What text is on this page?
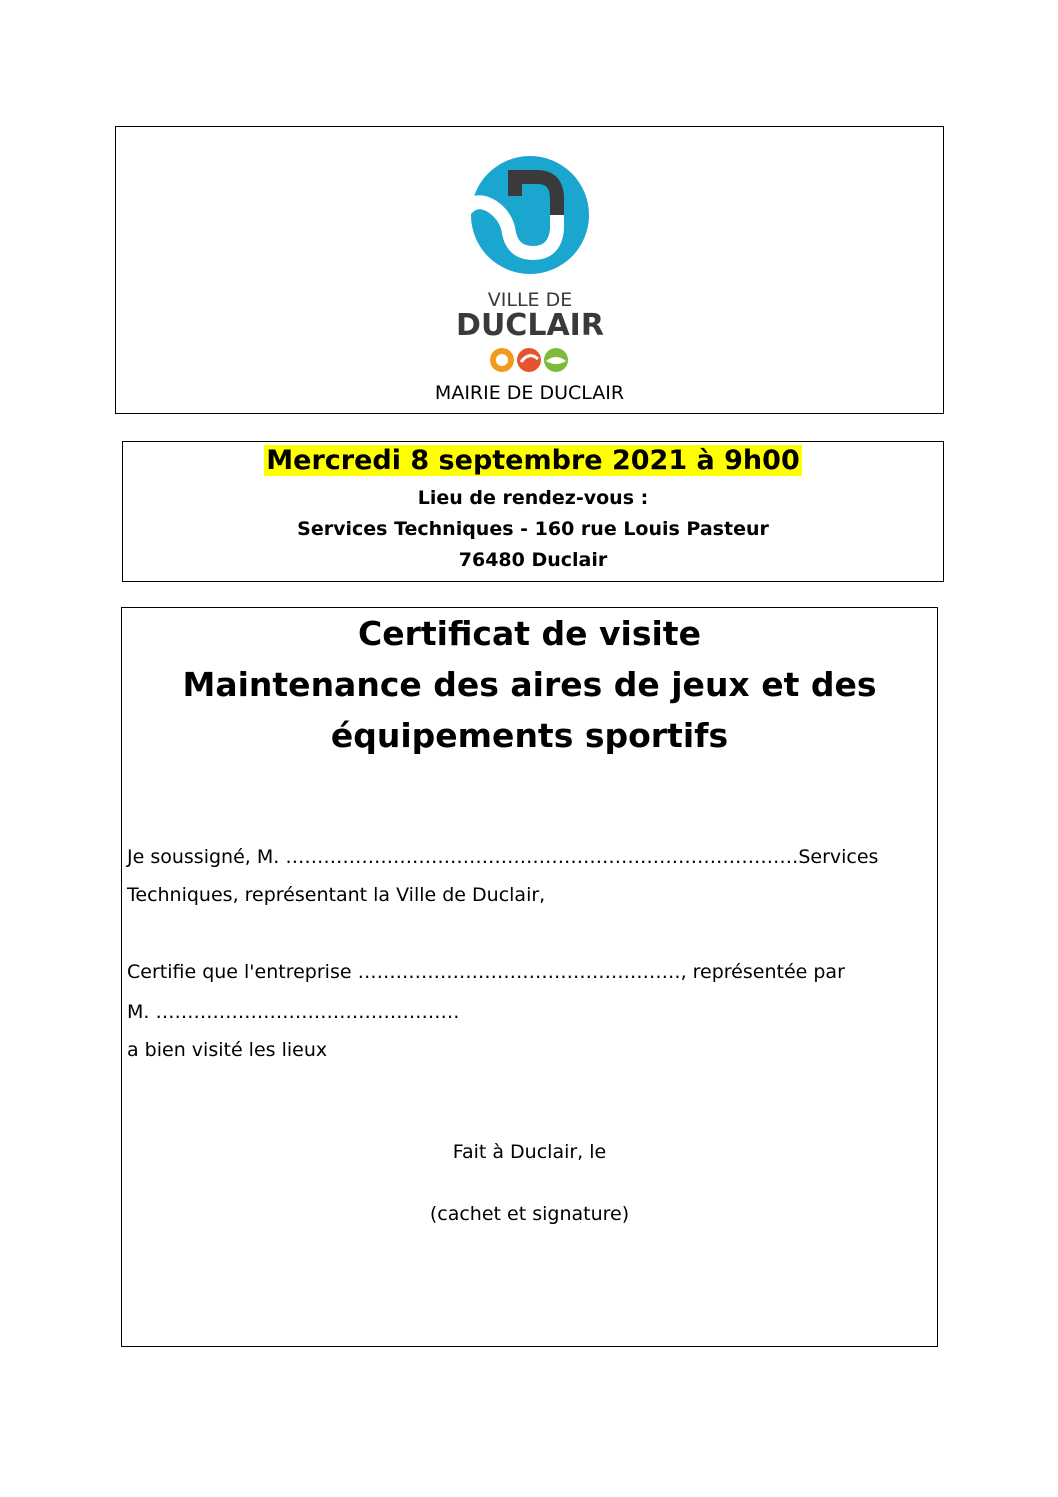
VILLE DE
DUCLAIR
MAIRIE DE DUCLAIR
Mercredi 8 septembre 2021 à 9h00
Lieu de rendez-vous :
Services Techniques - 160 rue Louis Pasteur
76480 Duclair
Certificat de visite
Maintenance des aires de jeux et des
équipements sportifs
Je soussigné, M. ………………………………………………………………………Services
Techniques, représentant la Ville de Duclair,
Certifie que l'entreprise ……………………………………………, représentée par
M. …………………………………………
a bien visité les lieux
Fait à Duclair, le
(cachet et signature)
